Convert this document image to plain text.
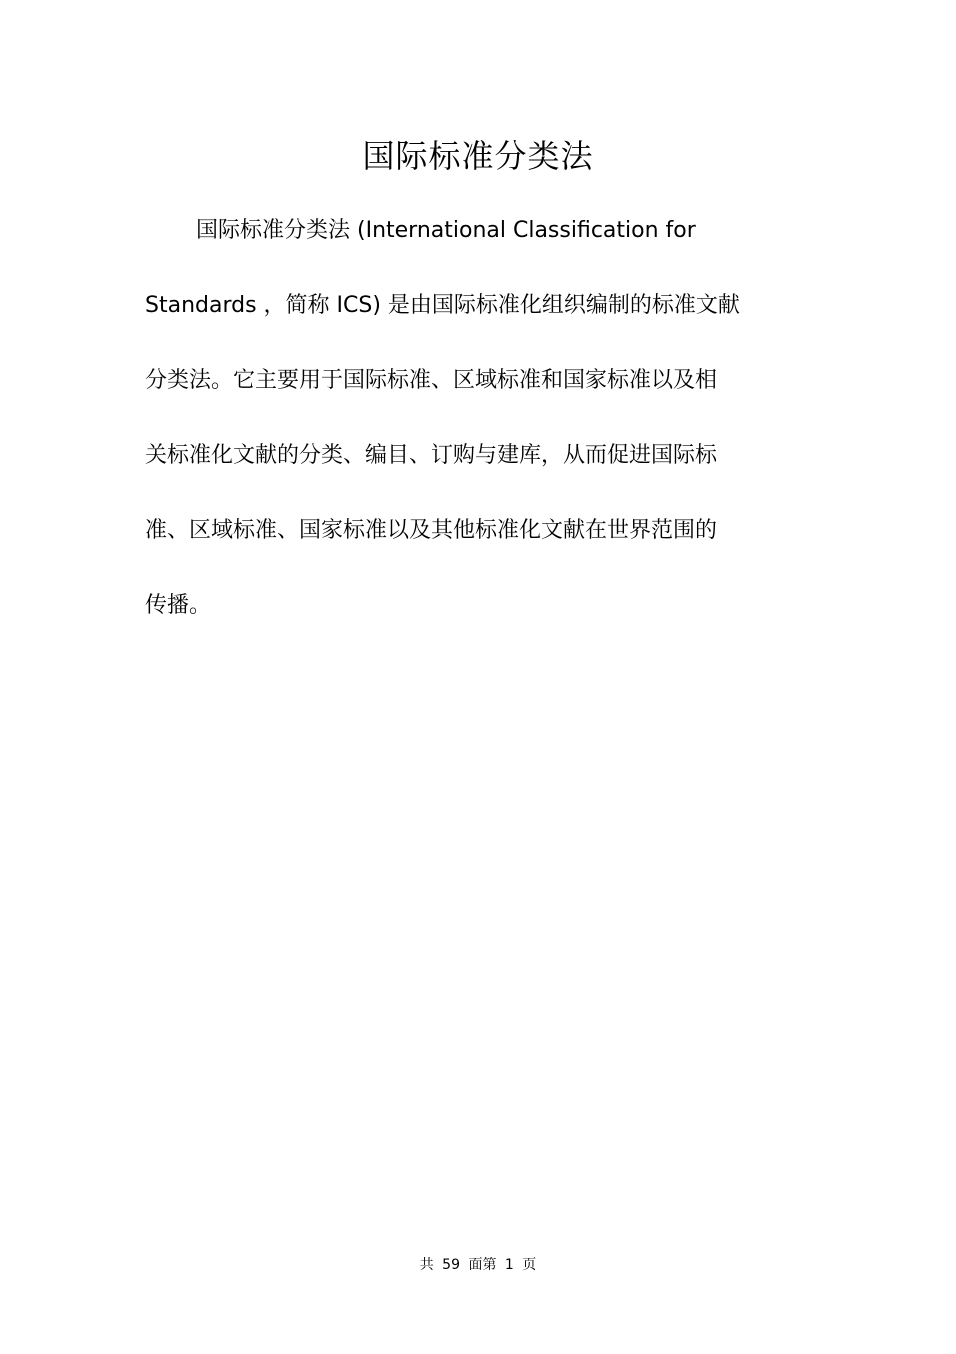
国际标准分类法

国际标准分类法 (International Classification for

Standards ，简称 ICS) 是由国际标准化组织编制的标准文献

分类法。它主要用于国际标准、区域标准和国家标准以及相

关标准化文献的分类、编目、订购与建库，从而促进国际标

准、区域标准、国家标准以及其他标准化文献在世界范围的

传播。

共 59 面第 1 页
